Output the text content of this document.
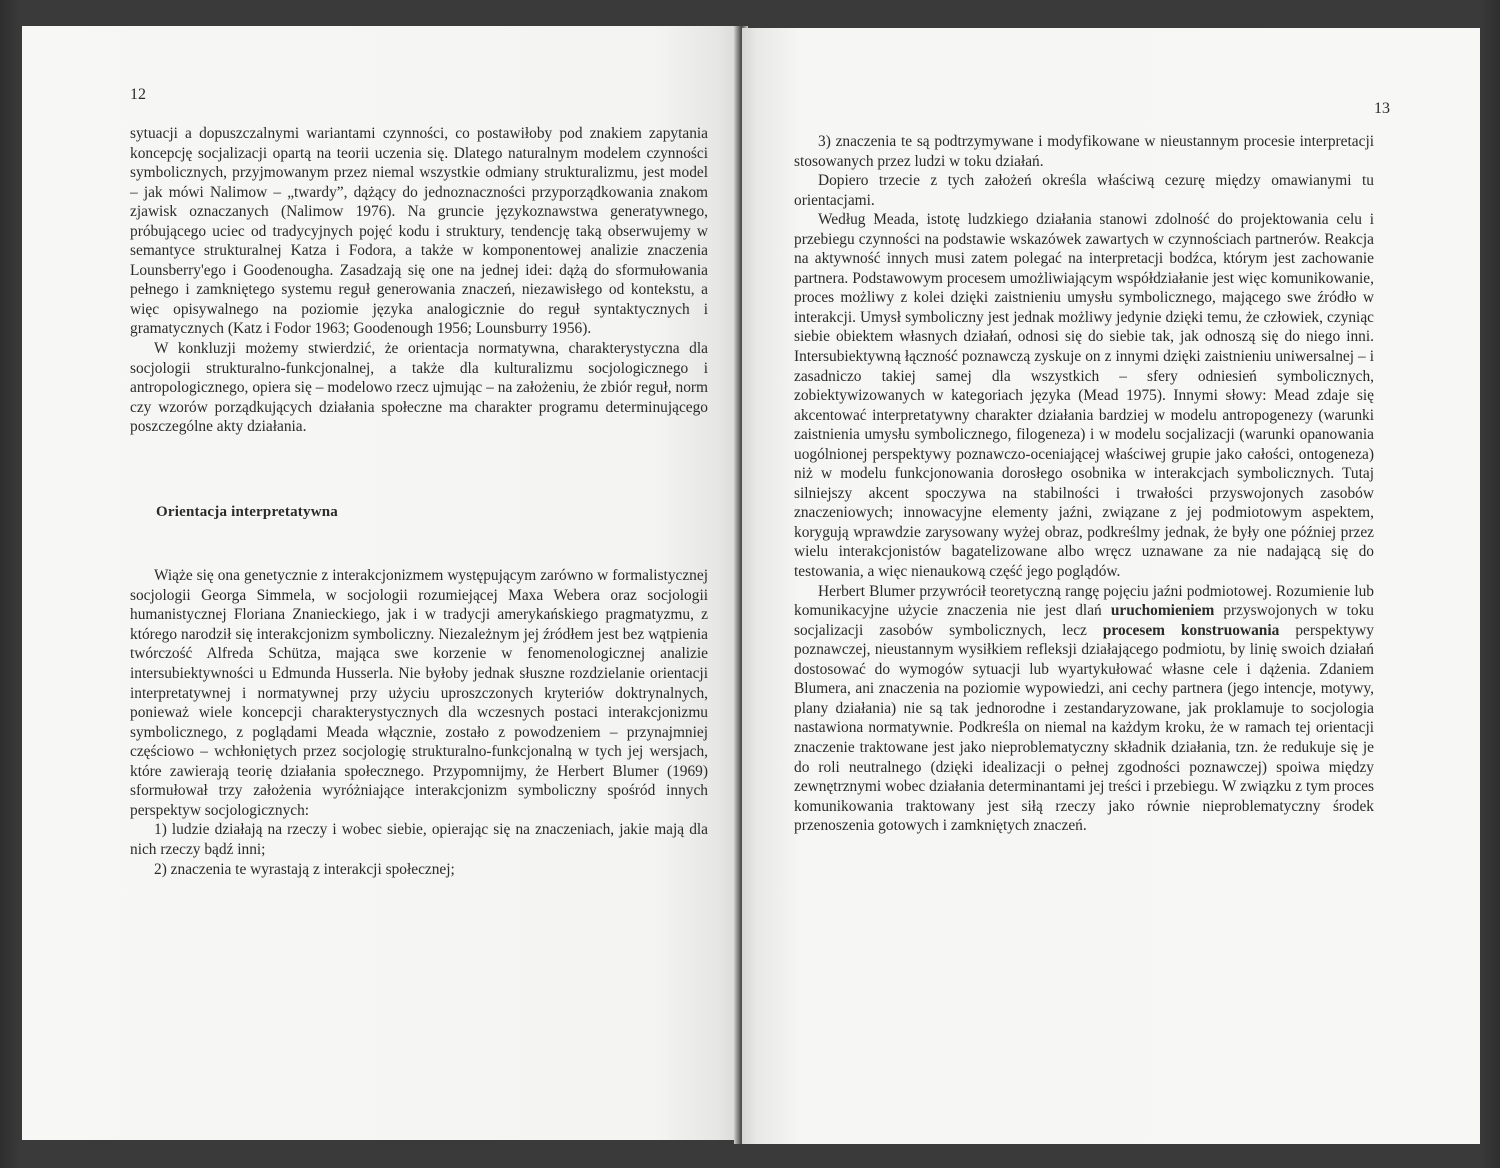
12

sytuacji a dopuszczalnymi wariantami czynności, co postawiłoby pod znakiem zapytania koncepcję socjalizacji opartą na teorii uczenia się. Dlatego naturalnym modelem czynności symbolicznych, przyjmowanym przez niemal wszystkie odmiany strukturalizmu, jest model – jak mówi Nalimow – „twardy”, dążący do jednoznaczności przyporządkowania znakom zjawisk oznaczanych (Nalimow 1976). Na gruncie językoznawstwa generatywnego, próbującego uciec od tradycyjnych pojęć kodu i struktury, tendencję taką obserwujemy w semantyce strukturalnej Katza i Fodora, a także w komponentowej analizie znaczenia Lounsberry'ego i Goodenougha. Zasadzają się one na jednej idei: dążą do sformułowania pełnego i zamkniętego systemu reguł generowania znaczeń, niezawisłego od kontekstu, a więc opisywalnego na poziomie języka analogicznie do reguł syntaktycznych i gramatycznych (Katz i Fodor 1963; Goodenough 1956; Lounsburry 1956).

W konkluzji możemy stwierdzić, że orientacja normatywna, charakterystyczna dla socjologii strukturalno-funkcjonalnej, a także dla kulturalizmu socjologicznego i antropologicznego, opiera się – modelowo rzecz ujmując – na założeniu, że zbiór reguł, norm czy wzorów porządkujących działania społeczne ma charakter programu determinującego poszczególne akty działania.

Orientacja interpretatywna

Wiąże się ona genetycznie z interakcjonizmem występującym zarówno w formalistycznej socjologii Georga Simmela, w socjologii rozumiejącej Maxa Webera oraz socjologii humanistycznej Floriana Znanieckiego, jak i w tradycji amerykańskiego pragmatyzmu, z którego narodził się interakcjonizm symboliczny. Niezależnym jej źródłem jest bez wątpienia twórczość Alfreda Schütza, mająca swe korzenie w fenomenologicznej analizie intersubiektywności u Edmunda Husserla. Nie byłoby jednak słuszne rozdzielanie orientacji interpretatywnej i normatywnej przy użyciu uproszczonych kryteriów doktrynalnych, ponieważ wiele koncepcji charakterystycznych dla wczesnych postaci interakcjonizmu symbolicznego, z poglądami Meada włącznie, zostało z powodzeniem – przynajmniej częściowo – wchłoniętych przez socjologię strukturalno-funkcjonalną w tych jej wersjach, które zawierają teorię działania społecznego. Przypomnijmy, że Herbert Blumer (1969) sformułował trzy założenia wyróżniające interakcjonizm symboliczny spośród innych perspektyw socjologicznych:

1) ludzie działają na rzeczy i wobec siebie, opierając się na znaczeniach, jakie mają dla nich rzeczy bądź inni;

2) znaczenia te wyrastają z interakcji społecznej;

13

3) znaczenia te są podtrzymywane i modyfikowane w nieustannym procesie interpretacji stosowanych przez ludzi w toku działań.

Dopiero trzecie z tych założeń określa właściwą cezurę między omawianymi tu orientacjami.

Według Meada, istotę ludzkiego działania stanowi zdolność do projektowania celu i przebiegu czynności na podstawie wskazówek zawartych w czynnościach partnerów. Reakcja na aktywność innych musi zatem polegać na interpretacji bodźca, którym jest zachowanie partnera. Podstawowym procesem umożliwiającym współdziałanie jest więc komunikowanie, proces możliwy z kolei dzięki zaistnieniu umysłu symbolicznego, mającego swe źródło w interakcji. Umysł symboliczny jest jednak możliwy jedynie dzięki temu, że człowiek, czyniąc siebie obiektem własnych działań, odnosi się do siebie tak, jak odnoszą się do niego inni. Intersubiektywną łączność poznawczą zyskuje on z innymi dzięki zaistnieniu uniwersalnej – i zasadniczo takiej samej dla wszystkich – sfery odniesień symbolicznych, zobiektywizowanych w kategoriach języka (Mead 1975). Innymi słowy: Mead zdaje się akcentować interpretatywny charakter działania bardziej w modelu antropogenezy (warunki zaistnienia umysłu symbolicznego, filogeneza) i w modelu socjalizacji (warunki opanowania uogólnionej perspektywy poznawczo-oceniającej właściwej grupie jako całości, ontogeneza) niż w modelu funkcjonowania dorosłego osobnika w interakcjach symbolicznych. Tutaj silniejszy akcent spoczywa na stabilności i trwałości przyswojonych zasobów znaczeniowych; innowacyjne elementy jaźni, związane z jej podmiotowym aspektem, korygują wprawdzie zarysowany wyżej obraz, podkreślmy jednak, że były one później przez wielu interakcjonistów bagatelizowane albo wręcz uznawane za nie nadającą się do testowania, a więc nienaukową część jego poglądów.

Herbert Blumer przywrócił teoretyczną rangę pojęciu jaźni podmiotowej. Rozumienie lub komunikacyjne użycie znaczenia nie jest dlań uruchomieniem przyswojonych w toku socjalizacji zasobów symbolicznych, lecz procesem konstruowania perspektywy poznawczej, nieustannym wysiłkiem refleksji działającego podmiotu, by linię swoich działań dostosować do wymogów sytuacji lub wyartykułować własne cele i dążenia. Zdaniem Blumera, ani znaczenia na poziomie wypowiedzi, ani cechy partnera (jego intencje, motywy, plany działania) nie są tak jednorodne i zestandaryzowane, jak proklamuje to socjologia nastawiona normatywnie. Podkreśla on niemal na każdym kroku, że w ramach tej orientacji znaczenie traktowane jest jako nieproblematyczny składnik działania, tzn. że redukuje się je do roli neutralnego (dzięki idealizacji o pełnej zgodności poznawczej) spoiwa między zewnętrznymi wobec działania determinantami jej treści i przebiegu. W związku z tym proces komunikowania traktowany jest siłą rzeczy jako równie nieproblematyczny środek przenoszenia gotowych i zamkniętych znaczeń.
